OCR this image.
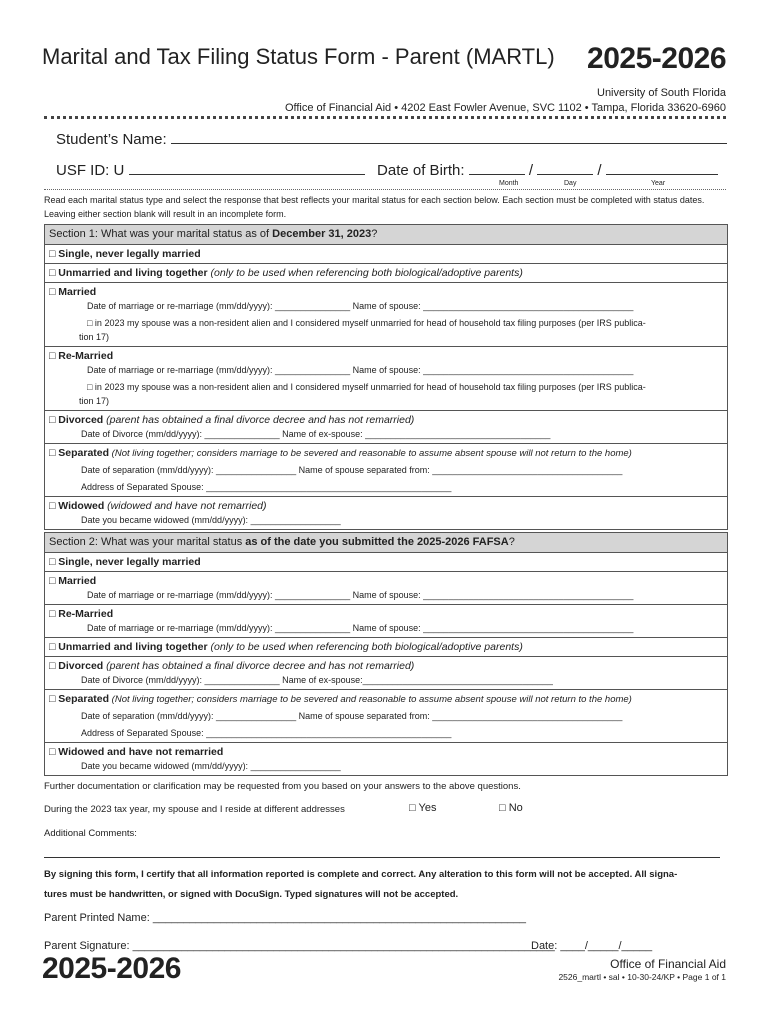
Marital and Tax Filing Status Form - Parent (MARTL) 2025-2026
University of South Florida
Office of Financial Aid • 4202 East Fowler Avenue, SVC 1102 • Tampa, Florida 33620-6960
Student’s Name:
USF ID: U	Date of Birth:	/	/
Month	Day	Year
Read each marital status type and select the response that best reflects your marital status for each section below. Each section must be completed with status dates. Leaving either section blank will result in an incomplete form.
Section 1: What was your marital status as of December 31, 2023?
□ Single, never legally married
□ Unmarried and living together (only to be used when referencing both biological/adoptive parents)
□ Married
Date of marriage or re-marriage (mm/dd/yyyy): _______________ Name of spouse: __________________________________________
□ in 2023 my spouse was a non-resident alien and I considered myself unmarried for head of household tax filing purposes (per IRS publica-
tion 17)
□ Re-Married
Date of marriage or re-marriage (mm/dd/yyyy): _______________ Name of spouse: __________________________________________
□ in 2023 my spouse was a non-resident alien and I considered myself unmarried for head of household tax filing purposes (per IRS publica-
tion 17)
□ Divorced (parent has obtained a final divorce decree and has not remarried)
Date of Divorce (mm/dd/yyyy): _______________ Name of ex-spouse: _____________________________________
□ Separated (Not living together; considers marriage to be severed and reasonable to assume absent spouse will not return to the home)
Date of separation (mm/dd/yyyy): ________________ Name of spouse separated from: ______________________________________
Address of Separated Spouse: _________________________________________________
□ Widowed (widowed and have not remarried)
Date you became widowed (mm/dd/yyyy): __________________
Section 2: What was your marital status as of the date you submitted the 2025-2026 FAFSA?
□ Single, never legally married
□ Married
Date of marriage or re-marriage (mm/dd/yyyy): _______________ Name of spouse: __________________________________________
□ Re-Married
Date of marriage or re-marriage (mm/dd/yyyy): _______________ Name of spouse: __________________________________________
□ Unmarried and living together (only to be used when referencing both biological/adoptive parents)
□ Divorced (parent has obtained a final divorce decree and has not remarried)
Date of Divorce (mm/dd/yyyy): _______________ Name of ex-spouse:______________________________________
□ Separated (Not living together; considers marriage to be severed and reasonable to assume absent spouse will not return to the home)
Date of separation (mm/dd/yyyy): ________________ Name of spouse separated from: ______________________________________
Address of Separated Spouse: _________________________________________________
□ Widowed and have not remarried
Date you became widowed (mm/dd/yyyy): __________________
Further documentation or clarification may be requested from you based on your answers to the above questions.
During the 2023 tax year, my spouse and I reside at different addresses	□ Yes	□ No
Additional Comments:
By signing this form, I certify that all information reported is complete and correct. Any alteration to this form will not be accepted. All signa-
tures must be handwritten, or signed with DocuSign. Typed signatures will not be accepted.
Parent Printed Name: _____________________________________________________________
Parent Signature: _____________________________________________________________________
Date: ____/_____/_____
2025-2026	Office of Financial Aid
2526_martl • sal • 10-30-24/KP • Page 1 of 1
